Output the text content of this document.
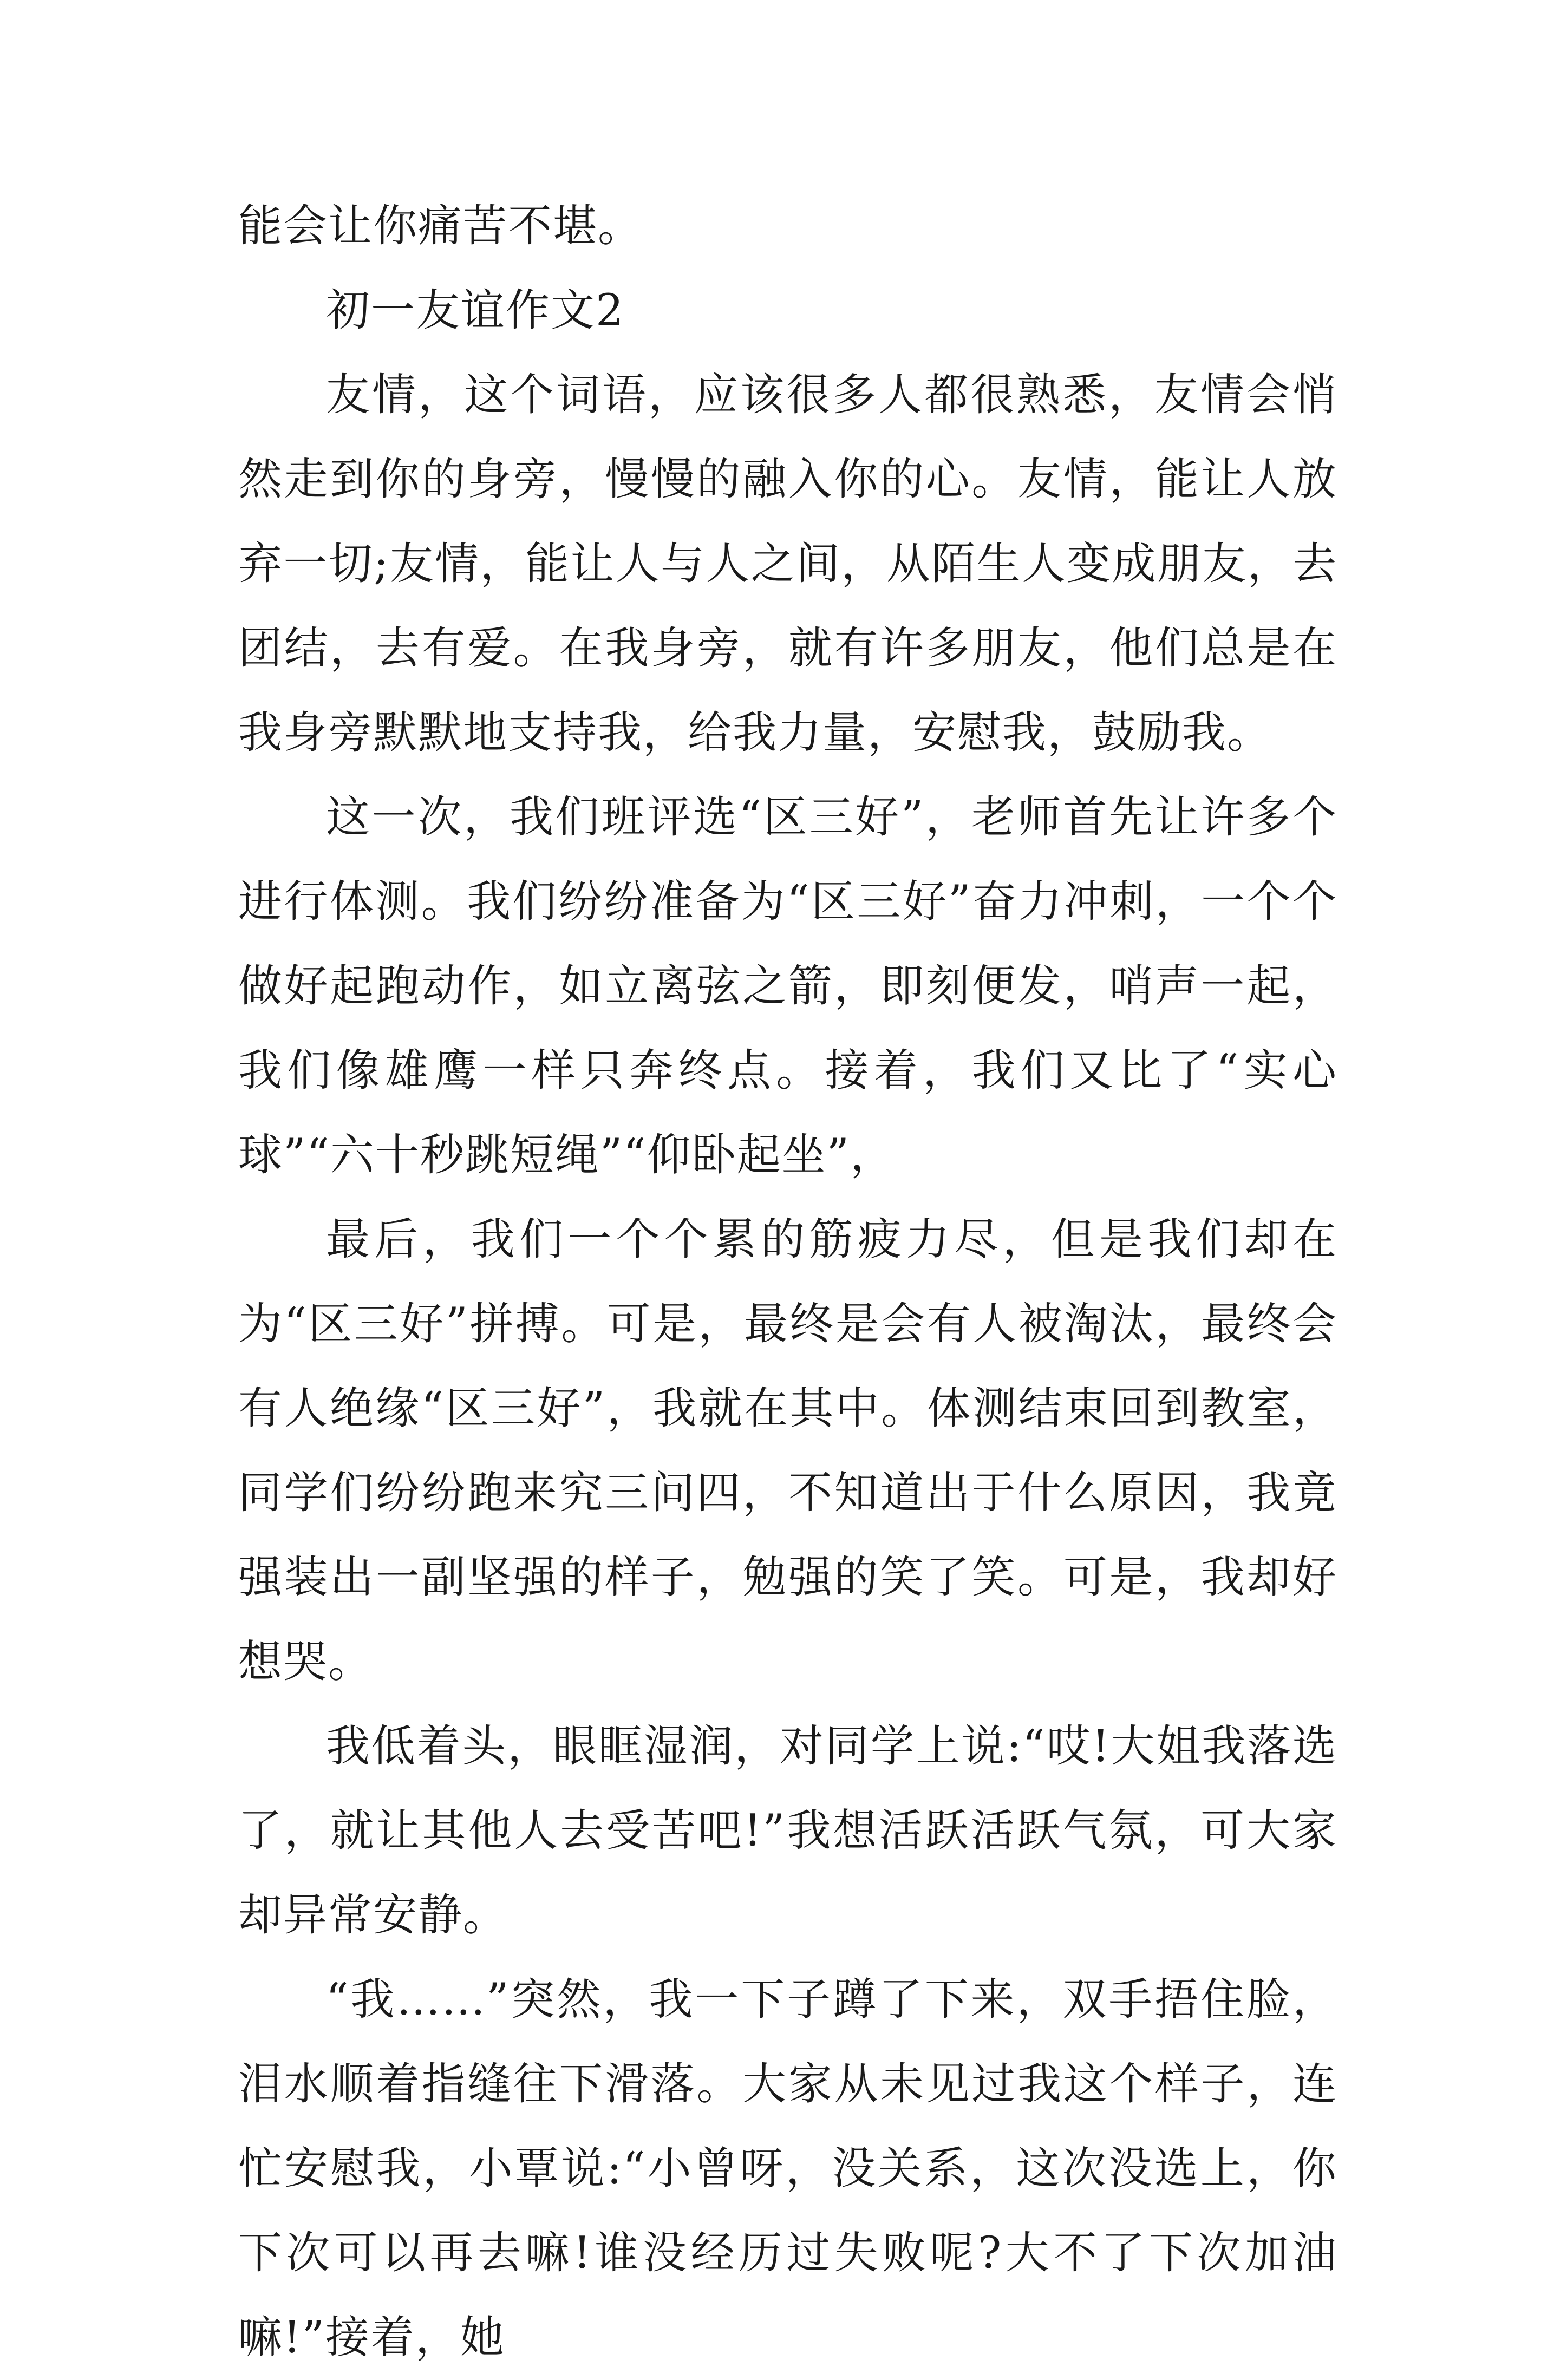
能会让你痛苦不堪。

初一友谊作文2

友情，这个词语，应该很多人都很熟悉，友情会悄然走到你的身旁，慢慢的融入你的心。友情，能让人放弃一切;友情，能让人与人之间，从陌生人变成朋友，去团结，去有爱。在我身旁，就有许多朋友，他们总是在我身旁默默地支持我，给我力量，安慰我，鼓励我。

这一次，我们班评选“区三好”，老师首先让许多个进行体测。我们纷纷准备为“区三好”奋力冲刺，一个个做好起跑动作，如立离弦之箭，即刻便发，哨声一起，我们像雄鹰一样只奔终点。接着，我们又比了“实心球”“六十秒跳短绳”“仰卧起坐”，

最后，我们一个个累的筋疲力尽，但是我们却在为“区三好”拼搏。可是，最终是会有人被淘汰，最终会有人绝缘“区三好”，我就在其中。体测结束回到教室，同学们纷纷跑来究三问四，不知道出于什么原因，我竟强装出一副坚强的样子，勉强的笑了笑。可是，我却好想哭。

我低着头，眼眶湿润，对同学上说:“哎!大姐我落选了，就让其他人去受苦吧!”我想活跃活跃气氛，可大家却异常安静。

“我……”突然，我一下子蹲了下来，双手捂住脸，泪水顺着指缝往下滑落。大家从未见过我这个样子，连忙安慰我，小覃说:“小曾呀，没关系，这次没选上，你下次可以再去嘛!谁没经历过失败呢?大不了下次加油嘛!”接着，她
